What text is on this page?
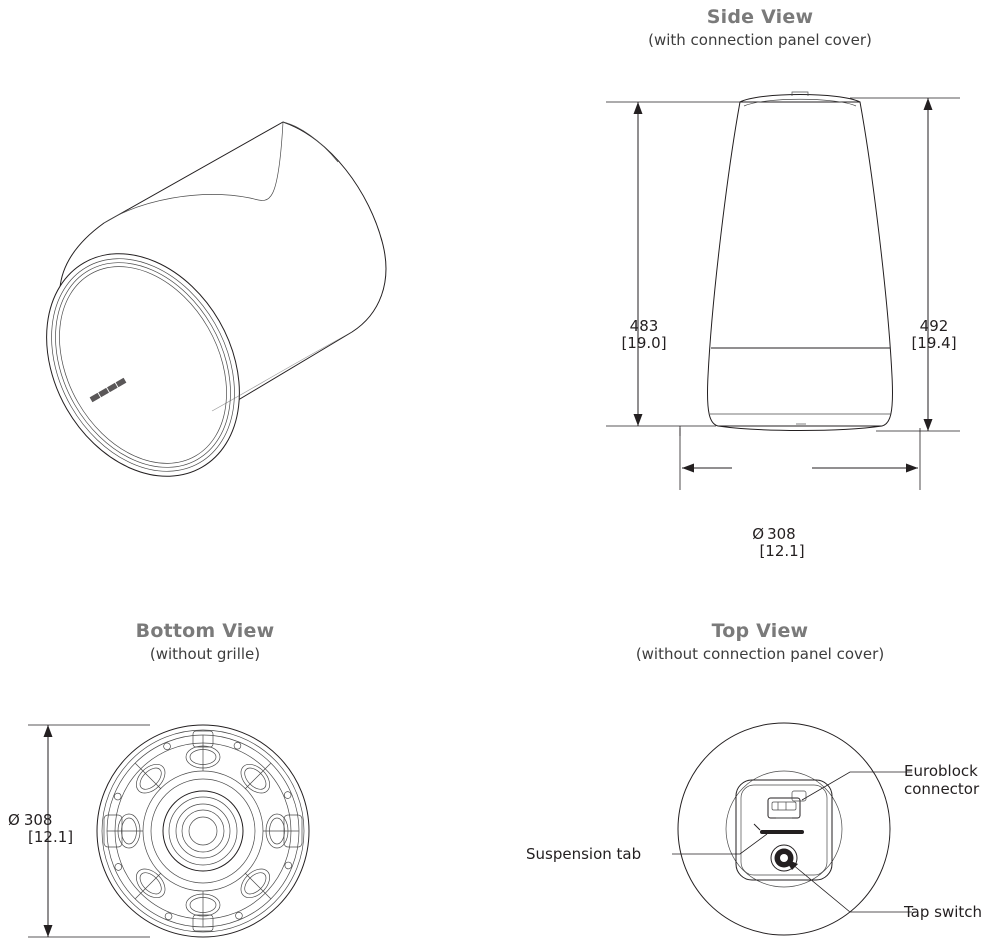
Side View
(with connection panel cover)
483
[19.0]
492
[19.4]
Ø 308
[12.1]
Bottom View
(without grille)
Ø 308
[12.1]
Top View
(without connection panel cover)
Suspension tab
Euroblock
connector
Tap switch
